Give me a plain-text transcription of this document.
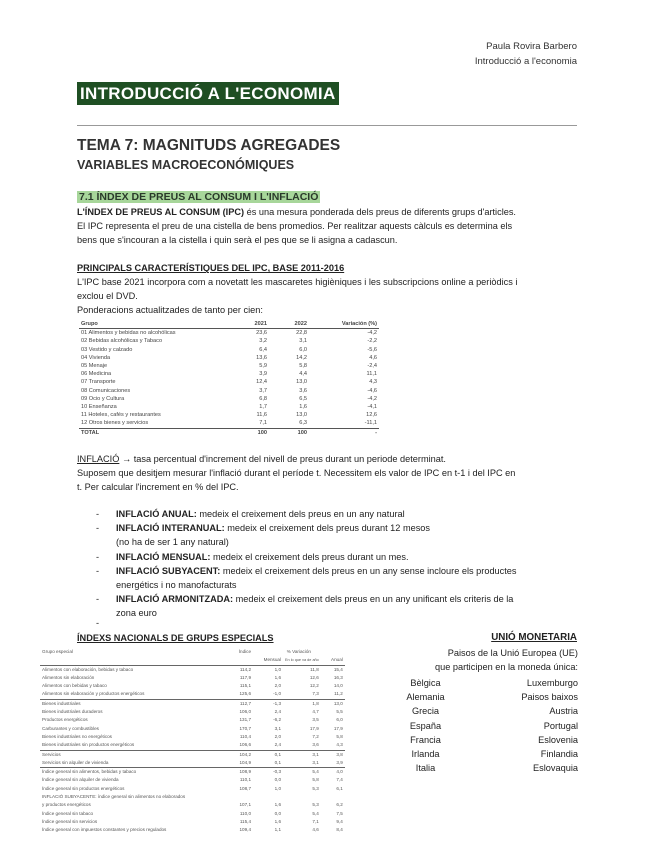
Paula Rovira Barbero
Introducció a l'economia
INTRODUCCIÓ A L'ECONOMIA
TEMA 7: MAGNITUDS AGREGADES
VARIABLES MACROECONÓMIQUES
7.1 ÍNDEX DE PREUS AL CONSUM I L'INFLACIÓ
L'ÍNDEX DE PREUS AL CONSUM (IPC) és una mesura ponderada dels preus de diferents grups d'articles.
El IPC representa el preu de una cistella de bens promedios. Per realitzar aquests càlculs es determina els
bens que s'incouran a la cistella i quin serà el pes que se li asigna a cadascun.
PRINCIPALS CARACTERÍSTIQUES DEL IPC, BASE 2011-2016
L'IPC base 2021 incorpora com a novetatt les mascaretes higièniques i les subscripcions online a periòdics i
exclou el DVD.
Ponderacions actualitzades de tanto per cien:
Grupo	2021	2022	Variación (%)
01 Alimentos y bebidas no alcohólicas	23,6	22,8	-4,2
02 Bebidas alcohólicas y Tabaco	3,2	3,1	-2,2
03 Vestido y calzado	6,4	6,0	-5,6
04 Vivienda	13,6	14,2	4,6
05 Menaje	5,9	5,8	-2,4
06 Medicina	3,9	4,4	11,1
07 Transporte	12,4	13,0	4,3
08 Comunicaciones	3,7	3,6	-4,6
09 Ocio y Cultura	6,8	6,5	-4,2
10 Enseñanza	1,7	1,6	-4,1
11 Hoteles, cafés y restaurantes	11,6	13,0	12,6
12 Otros bienes y servicios	7,1	6,3	-11,1
TOTAL	100	100	-
INFLACIÓ → tasa percentual d'increment del nivell de preus durant un periode determinat.
Suposem que desitjem mesurar l'inflació durant el període t. Necessitem els valor de IPC en t-1 i del IPC en
t. Per calcular l'increment en % del IPC.
- INFLACIÓ ANUAL: medeix el creixement dels preus en un any natural
- INFLACIÓ INTERANUAL: medeix el creixement dels preus durant 12 mesos
(no ha de ser 1 any natural)
- INFLACIÓ MENSUAL: medeix el creixement dels preus durant un mes.
- INFLACIÓ SUBYACENT: medeix el creixement dels preus en un any sense incloure els productes
energétics i no manofacturats
- INFLACIÓ ARMONITZADA: medeix el creixement dels preus en un any unificant els criteris de la
zona euro
-
ÍNDEXS NACIONALS DE GRUPS ESPECIALS
Grupo especial	Índice	% Variación		
		Mensual	En lo que va de año	Anual
Alimentos con elaboración, bebidas y tabaco	114,2	1,0	11,8	15,4
Alimentos sin elaboración	117,9	1,6	12,6	16,3
Alimentos con bebidas y tabaco	115,1	2,0	12,2	14,0
Alimentos sin elaboración y productos energéticos	125,6	-1,0	7,3	11,2
Bienes industriales	112,7	-1,3	1,8	13,0
Bienes industriales duraderos	106,0	2,4	4,7	5,5
Productos energéticos	131,7	-6,2	3,5	6,0
Carburantes y combustibles	170,7	3,1	17,9	17,9
Bienes industriales no energéticos	110,4	2,0	7,2	5,8
Bienes industriales sin productos energéticos	106,6	2,4	3,6	4,3
Servicios	104,2	0,1	3,1	3,8
Servicios sin alquiler de vivienda	104,9	0,1	3,1	3,9
Índice general sin alimentos, bebidas y tabaco	108,9	-0,3	5,4	4,0
Índice general sin alquiler de vivienda	110,1	0,0	5,8	7,4
Índice general sin productos energéticos	108,7	1,0	5,3	6,1
INFLACIÓ SUBYACENTE: índice general sin alimentos no elaborados				
y productos energéticos	107,1	1,6	5,3	6,2
Índice general sin tabaco	110,0	0,0	5,4	7,5
Índice general sin servicios	115,4	1,6	7,1	9,4
Índice general con impuestos constantes y precios regulados	109,4	1,1	4,6	8,4
UNIÓ MONETARIA
Paisos de la Unió Europea (UE)
que participen en la moneda única:
Bèlgica	Luxemburgo
Alemania	Paisos baixos
Grecia	Austria
España	Portugal
Francia	Eslovenia
Irlanda	Finlandia
Italia	Eslovaquia
